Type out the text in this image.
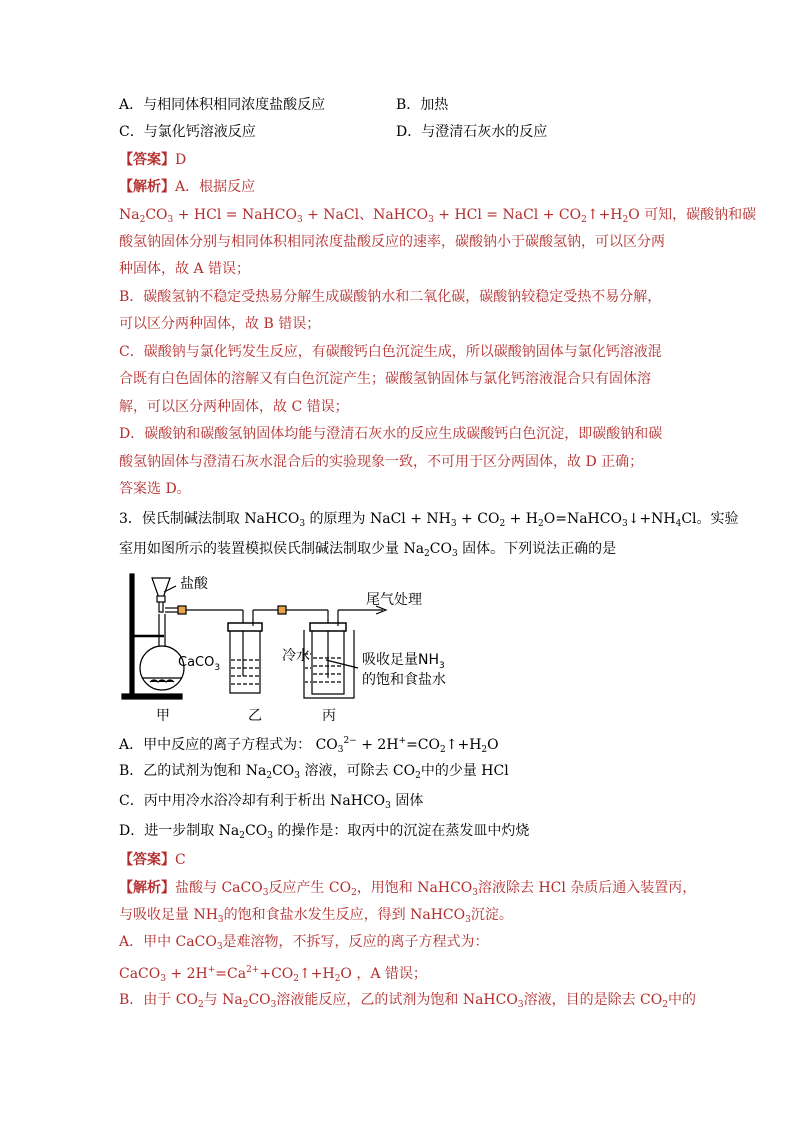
A．与相同体积相同浓度盐酸反应	B．加热
C．与氯化钙溶液反应	D．与澄清石灰水的反应
【答案】D
【解析】A．根据反应
$Na_2CO_3$ + HCl = NaHCO$_3$ + NaCl、NaHCO$_3$ + HCl = NaCl + $CO_2↑+H_2O$ 可知，碳酸钠和碳
酸氢钠固体分别与相同体积相同浓度盐酸反应的速率，碳酸钠小于碳酸氢钠，可以区分两
种固体，故 A 错误；
B．碳酸氢钠不稳定受热易分解生成碳酸钠水和二氧化碳，碳酸钠较稳定受热不易分解，
可以区分两种固体，故 B 错误；
C．碳酸钠与氯化钙发生反应，有碳酸钙白色沉淀生成，所以碳酸钠固体与氯化钙溶液混
合既有白色固体的溶解又有白色沉淀产生；碳酸氢钠固体与氯化钙溶液混合只有固体溶
解，可以区分两种固体，故 C 错误；
D．碳酸钠和碳酸氢钠固体均能与澄清石灰水的反应生成碳酸钙白色沉淀，即碳酸钠和碳
酸氢钠固体与澄清石灰水混合后的实验现象一致，不可用于区分两固体，故 D 正确；
答案选 D。
3．侯氏制碱法制取 NaHCO$_3$ 的原理为 NaCl + $NH_3 + CO_2$ + $H_2O=NaHCO_3↓+NH_4Cl$。实验
室用如图所示的装置模拟侯氏制碱法制取少量 $Na_2CO_3$ 固体。下列说法正确的是
盐酸
尾气处理
CaCO$_3$
冷水	吸收足量$NH_3$
的饱和食盐水
甲	乙	丙
A．甲中反应的离子方程式为： $CO_3^{2-}$ + $2H^+=CO_2↑+H_2O$
B．乙的试剂为饱和 $Na_2CO_3$ 溶液，可除去 $CO_2$中的少量 HCl
C．丙中用冷水浴冷却有利于析出 NaHCO$_3$ 固体
D．进一步制取 $Na_2CO_3$ 的操作是：取丙中的沉淀在蒸发皿中灼烧
【答案】C
【解析】盐酸与 CaCO$_3$反应产生 $CO_2$，用饱和 NaHCO$_3$溶液除去 HCl 杂质后通入装置丙，
与吸收足量 $NH_3$的饱和食盐水发生反应，得到 NaHCO$_3$沉淀。
A．甲中 CaCO$_3$是难溶物，不拆写，反应的离子方程式为：
CaCO$_3$ + $2H^+=Ca^{2+}+CO_2↑+H_2O$ ，A 错误；
B．由于 $CO_2$与 $Na_2CO_3$溶液能反应，乙的试剂为饱和 NaHCO$_3$溶液，目的是除去 $CO_2$中的
